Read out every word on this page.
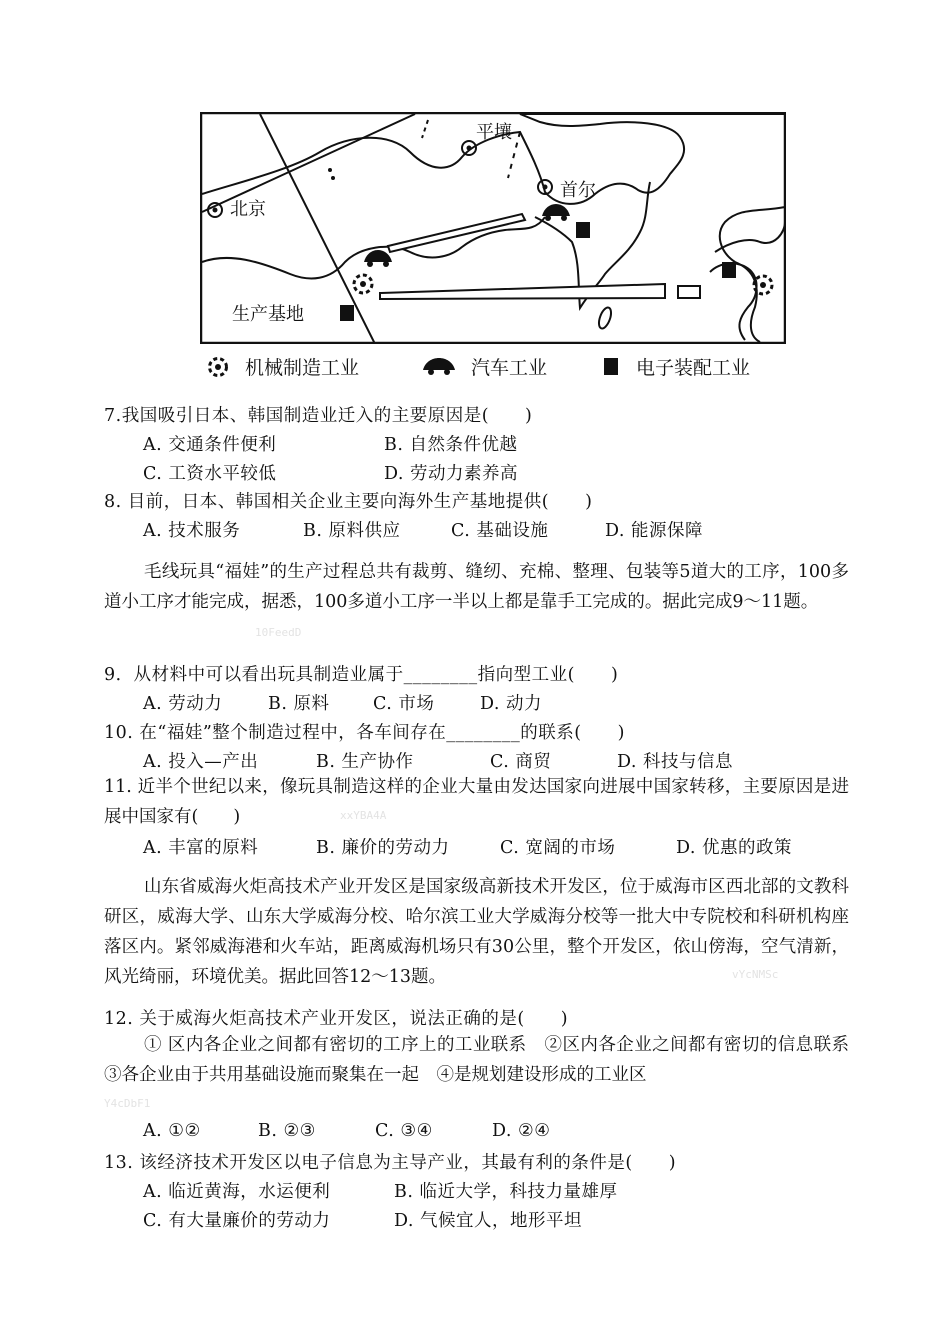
平壤
首尔
北京
生产基地
机械制造工业	汽车工业	电子装配工业
7.我国吸引日本、韩国制造业迁入的主要原因是(　　)
A. 交通条件便利	B. 自然条件优越
C. 工资水平较低	D. 劳动力素养高
8. 目前，日本、韩国相关企业主要向海外生产基地提供(　　)
A. 技术服务	B. 原料供应	C. 基础设施	D. 能源保障
毛线玩具“福娃”的生产过程总共有裁剪、缝纫、充棉、整理、包装等5道大的工序，100多道小工序才能完成，据悉，100多道小工序一半以上都是靠手工完成的。据此完成9～11题。
10FeedD
9．从材料中可以看出玩具制造业属于________指向型工业(　　)
A. 劳动力	B. 原料 C. 市场	D. 动力
10. 在“福娃”整个制造过程中，各车间存在________的联系(　　)
A. 投入—产出	B. 生产协作	C. 商贸	D. 科技与信息
11. 近半个世纪以来，像玩具制造这样的企业大量由发达国家向进展中国家转移，主要原因是进展中国家有(　　)	xxYBA4A
A. 丰富的原料	B. 廉价的劳动力	C. 宽阔的市场	D. 优惠的政策
山东省威海火炬高技术产业开发区是国家级高新技术开发区，位于威海市区西北部的文教科研区，威海大学、山东大学威海分校、哈尔滨工业大学威海分校等一批大中专院校和科研机构座落区内。紧邻威海港和火车站，距离威海机场只有30公里，整个开发区，依山傍海，空气清新，风光绮丽，环境优美。据此回答12～13题。	vYcNMSc
12. 关于威海火炬高技术产业开发区，说法正确的是(　　)
① 区内各企业之间都有密切的工序上的工业联系　②区内各企业之间都有密切的信息联系　③各企业由于共用基础设施而聚集在一起　④是规划建设形成的工业区
Y4cDbF1
A. ①②	B. ②③	C. ③④	D. ②④
13. 该经济技术开发区以电子信息为主导产业，其最有利的条件是(　　)
A. 临近黄海，水运便利	B. 临近大学，科技力量雄厚
C. 有大量廉价的劳动力	D. 气候宜人，地形平坦
